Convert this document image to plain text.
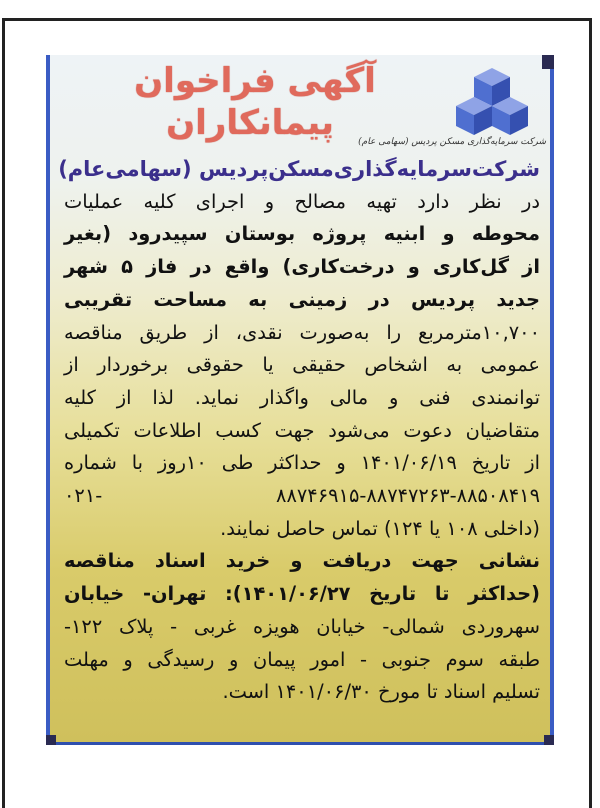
شرکت سرمایه‌گذاری مسکن پردیس (سهامی عام)
آگهی فراخوان
پیمانکاران
شرکت‌سرمایه‌گذاری‌مسکن‌پردیس (سهامی‌عام)
در نظر دارد تهیه مصالح و اجرای کلیه عملیات
محوطه و ابنیه پروژه بوستان سپیدرود (بغیر
از گل‌کاری و درخت‌کاری) واقع در فاز ۵ شهر
جدید پردیس در زمینی به مساحت تقریبی
۱۰,۷۰۰مترمربع را به‌صورت نقدی، از طریق مناقصه
عمومی به اشخاص حقیقی یا حقوقی برخوردار از
توانمندی فنی و مالی واگذار نماید. لذا از کلیه
متقاضیان دعوت می‌شود جهت کسب اطلاعات تکمیلی
از تاریخ ۱۴۰۱/۰۶/۱۹ و حداکثر طی ۱۰روز با شماره
۸۸۷۴۶۹۱۵-۸۸۷۴۷۲۶۳-۸۸۵۰۸۴۱۹ -۰۲۱
(داخلی ۱۰۸ یا ۱۲۴) تماس حاصل نمایند.
نشانی جهت دریافت و خرید اسناد مناقصه
(حداکثر تا تاریخ ۱۴۰۱/۰۶/۲۷): تهران- خیابان
سهروردی شمالی- خیابان هویزه غربی - پلاک ۱۲۲-
طبقه سوم جنوبی - امور پیمان و رسیدگی و مهلت
تسلیم اسناد تا مورخ ۱۴۰۱/۰۶/۳۰ است.
